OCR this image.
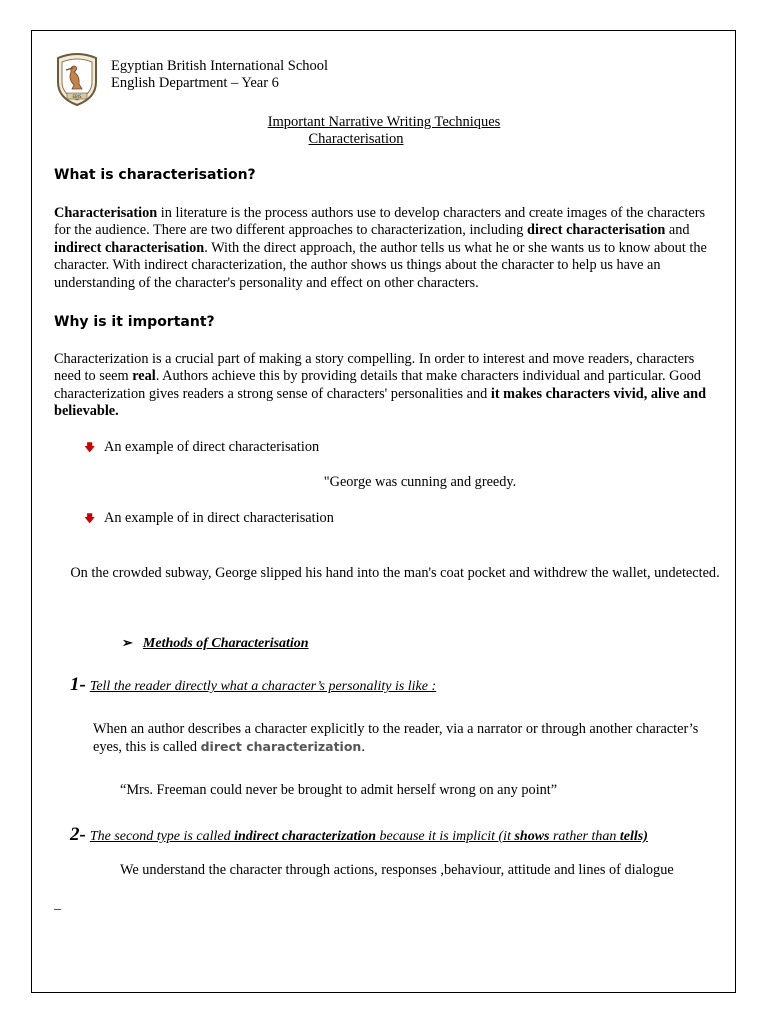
EBIS
Egyptian British International School
English Department – Year 6
Important Narrative Writing Techniques
Characterisation
What is characterisation?
Characterisation in literature is the process authors use to develop characters and create images of the characters for the audience. There are two different approaches to characterization, including direct characterisation and indirect characterisation. With the direct approach, the author tells us what he or she wants us to know about the character. With indirect characterization, the author shows us things about the character to help us have an understanding of the character's personality and effect on other characters.
Why is it important?
Characterization is a crucial part of making a story compelling. In order to interest and move readers, characters need to seem real. Authors achieve this by providing details that make characters individual and particular. Good characterization gives readers a strong sense of characters' personalities and it makes characters vivid, alive and believable.
🡇 An example of direct characterisation
"George was cunning and greedy.
🡇 An example of in direct characterisation
On the crowded subway, George slipped his hand into the man's coat pocket and withdrew the wallet, undetected.
➢ Methods of Characterisation
1- Tell the reader directly what a character’s personality is like :
When an author describes a character explicitly to the reader, via a narrator or through another character’s eyes, this is called direct characterization.
“Mrs. Freeman could never be brought to admit herself wrong on any point”
2- The second type is called indirect characterization because it is implicit (it shows rather than tells)
We understand the character through actions, responses ,behaviour, attitude and lines of dialogue
_
